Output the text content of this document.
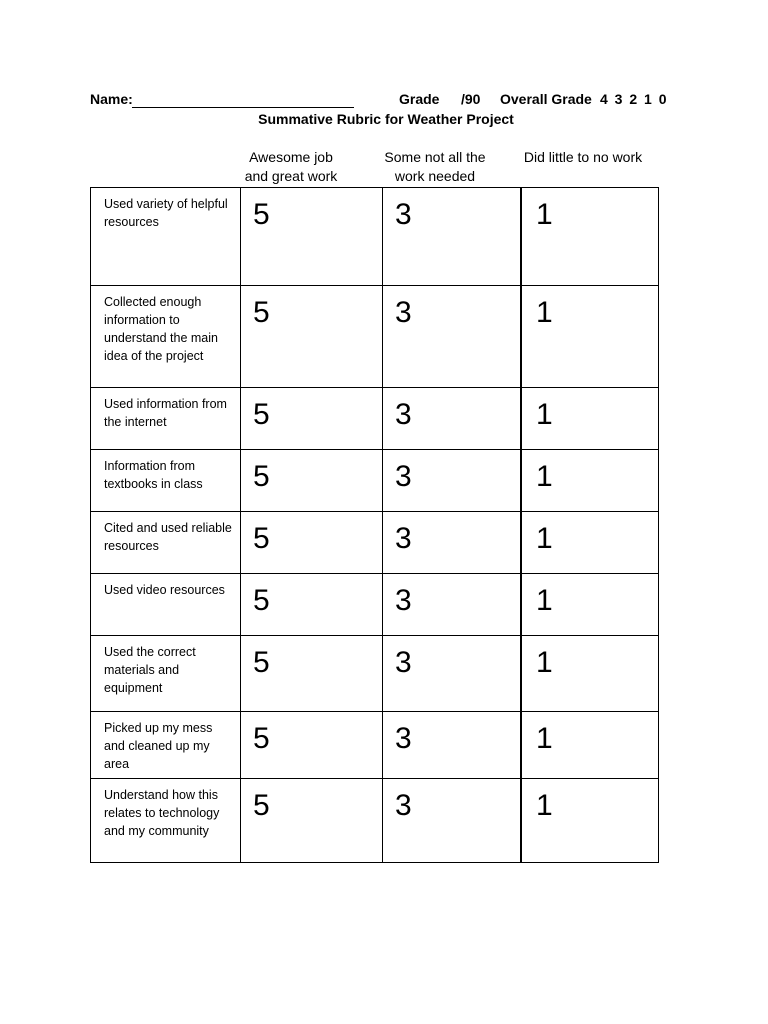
Name:	Grade /90 Overall Grade 4 3 2 1 0
Summative Rubric for Weather Project
Awesome job
and great work
Some not all the
work needed
Did little to no work
Used variety of helpful resources	5	3	1
Collected enough information to understand the main idea of the project	5	3	1
Used information from the internet	5	3	1
Information from textbooks in class	5	3	1
Cited and used reliable resources	5	3	1
Used video resources	5	3	1
Used the correct materials and equipment	5	3	1
Picked up my mess and cleaned up my area	5	3	1
Understand how this relates to technology and my community	5	3	1
